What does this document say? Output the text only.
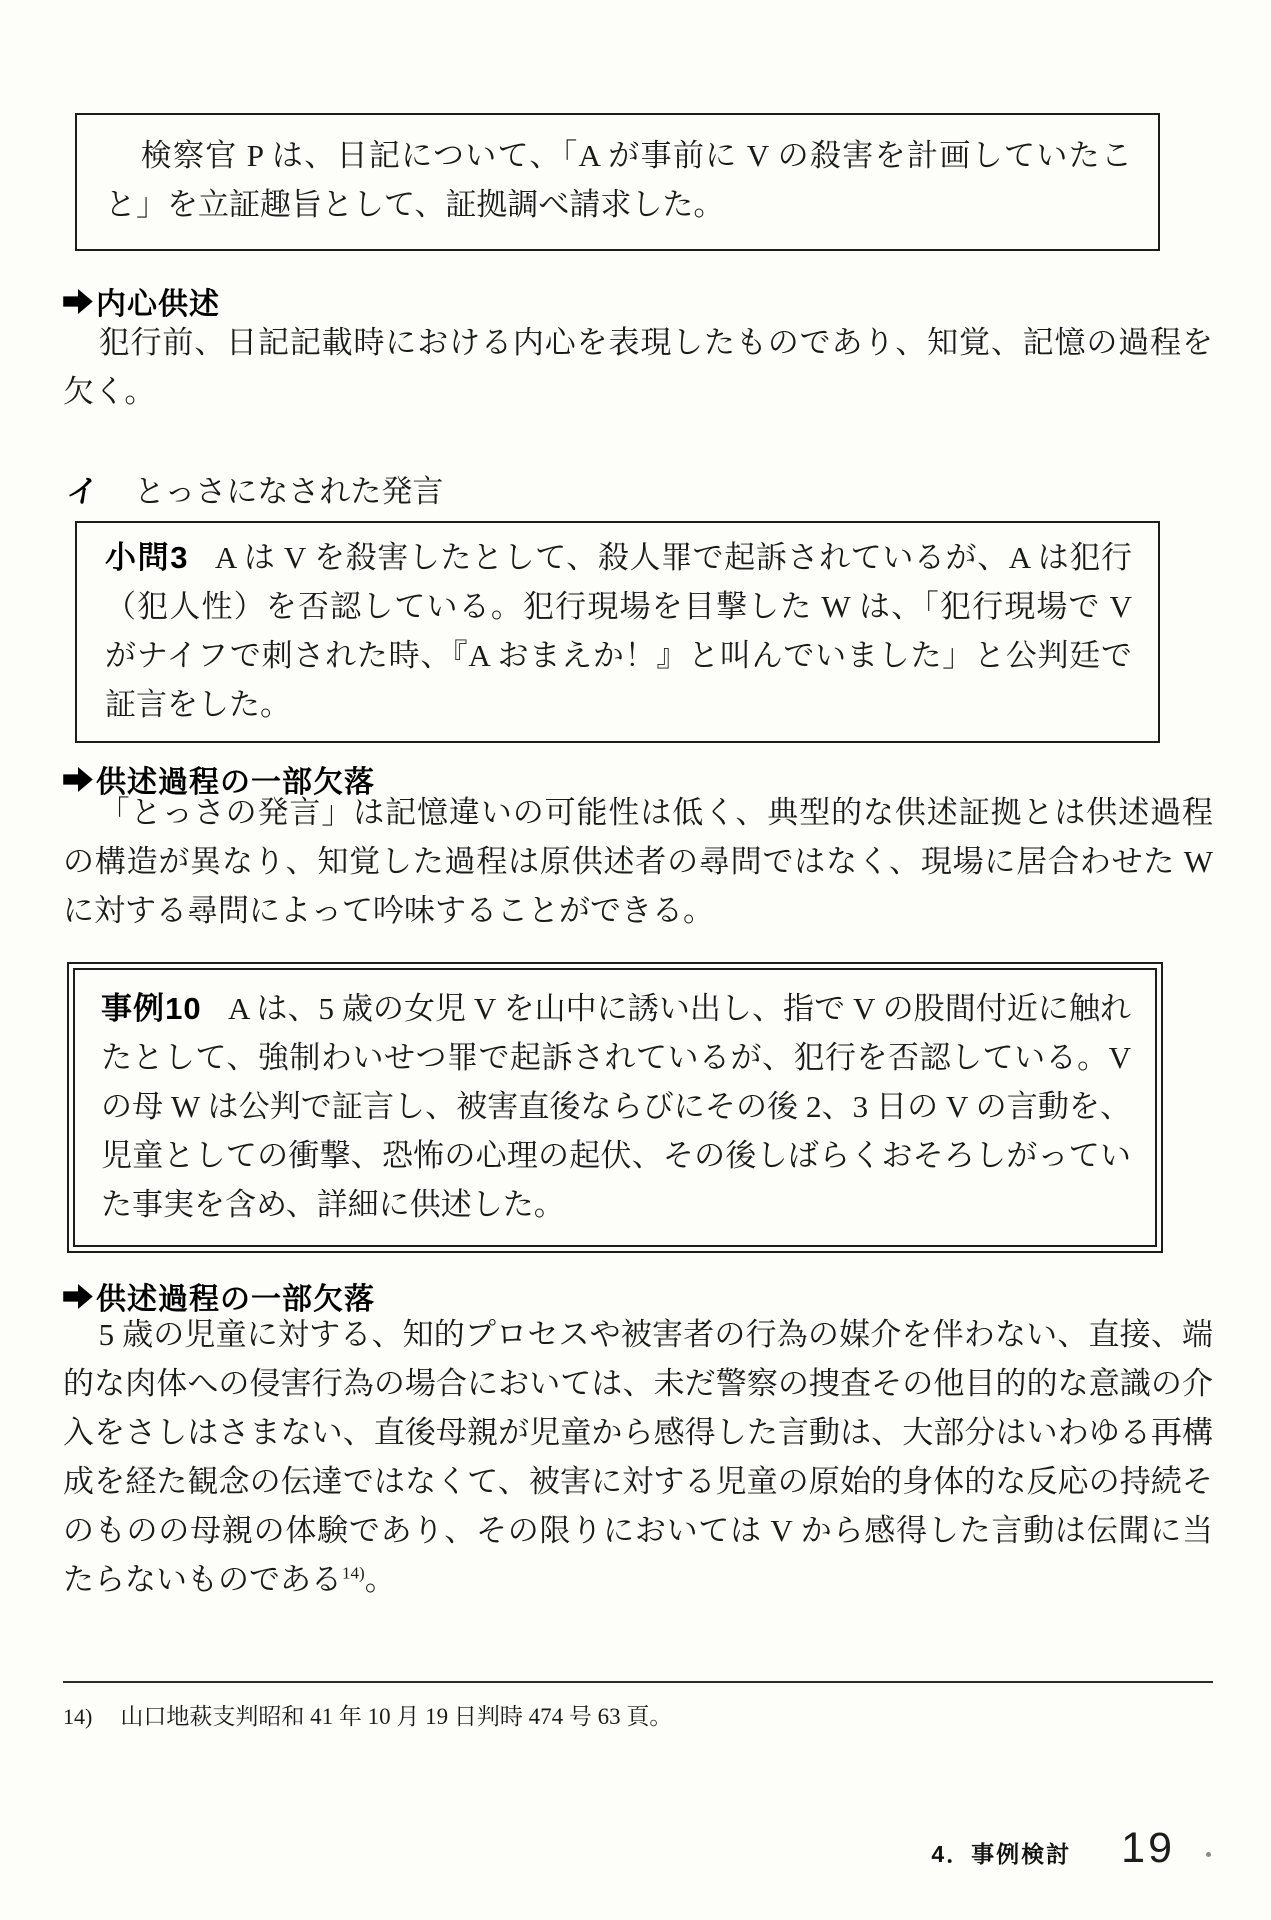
検察官 P は、日記について、「A が事前に V の殺害を計画していたこと」を立証趣旨として、証拠調べ請求した。

内心供述

犯行前、日記記載時における内心を表現したものであり、知覚、記憶の過程を欠く。

イ とっさになされた発言

小問3 A は V を殺害したとして、殺人罪で起訴されているが、A は犯行（犯人性）を否認している。犯行現場を目撃した W は、「犯行現場で V がナイフで刺された時、『A おまえか！』と叫んでいました」と公判廷で証言をした。

供述過程の一部欠落

「とっさの発言」は記憶違いの可能性は低く、典型的な供述証拠とは供述過程の構造が異なり、知覚した過程は原供述者の尋問ではなく、現場に居合わせた W に対する尋問によって吟味することができる。

事例10 A は、5 歳の女児 V を山中に誘い出し、指で V の股間付近に触れたとして、強制わいせつ罪で起訴されているが、犯行を否認している。V の母 W は公判で証言し、被害直後ならびにその後 2、3 日の V の言動を、児童としての衝撃、恐怖の心理の起伏、その後しばらくおそろしがっていた事実を含め、詳細に供述した。

供述過程の一部欠落

5 歳の児童に対する、知的プロセスや被害者の行為の媒介を伴わない、直接、端的な肉体への侵害行為の場合においては、未だ警察の捜査その他目的的な意識の介入をさしはさまない、直後母親が児童から感得した言動は、大部分はいわゆる再構成を経た観念の伝達ではなくて、被害に対する児童の原始的身体的な反応の持続そのものの母親の体験であり、その限りにおいては V から感得した言動は伝聞に当たらないものである$^{14)}$。

14) 山口地萩支判昭和 41 年 10 月 19 日判時 474 号 63 頁。
4．事例検討 19
